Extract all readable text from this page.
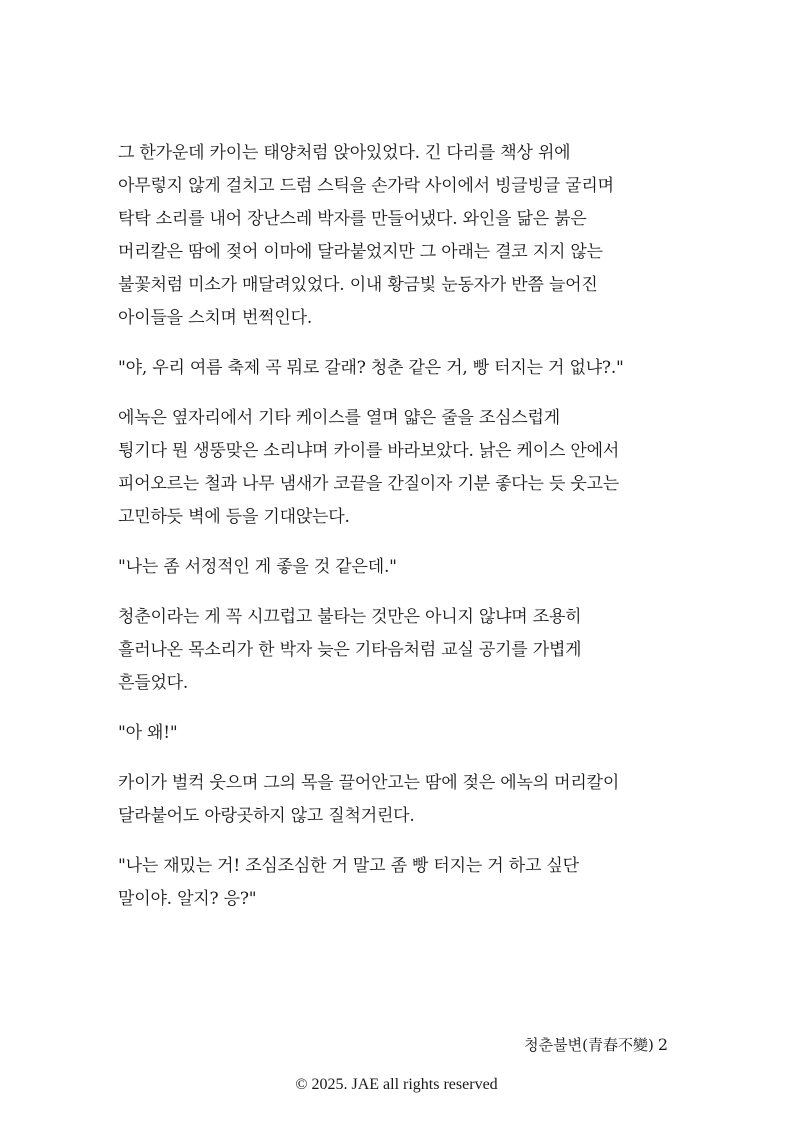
그 한가운데 카이는 태양처럼 앉아있었다. 긴 다리를 책상 위에
아무렇지 않게 걸치고 드럼 스틱을 손가락 사이에서 빙글빙글 굴리며
탁탁 소리를 내어 장난스레 박자를 만들어냈다. 와인을 닮은 붉은
머리칼은 땀에 젖어 이마에 달라붙었지만 그 아래는 결코 지지 않는
불꽃처럼 미소가 매달려있었다. 이내 황금빛 눈동자가 반쯤 늘어진
아이들을 스치며 번쩍인다.

"야, 우리 여름 축제 곡 뭐로 갈래? 청춘 같은 거, 빵 터지는 거 없냐?."

에녹은 옆자리에서 기타 케이스를 열며 얇은 줄을 조심스럽게
튕기다 뭔 생뚱맞은 소리냐며 카이를 바라보았다. 낡은 케이스 안에서
피어오르는 철과 나무 냄새가 코끝을 간질이자 기분 좋다는 듯 웃고는
고민하듯 벽에 등을 기대앉는다.

"나는 좀 서정적인 게 좋을 것 같은데."

청춘이라는 게 꼭 시끄럽고 불타는 것만은 아니지 않냐며 조용히
흘러나온 목소리가 한 박자 늦은 기타음처럼 교실 공기를 가볍게
흔들었다.

"아 왜!"

카이가 벌컥 웃으며 그의 목을 끌어안고는 땀에 젖은 에녹의 머리칼이
달라붙어도 아랑곳하지 않고 질척거린다.

"나는 재밌는 거! 조심조심한 거 말고 좀 빵 터지는 거 하고 싶단
말이야. 알지? 응?"

청춘불변(青春不變) 2
© 2025. JAE all rights reserved
